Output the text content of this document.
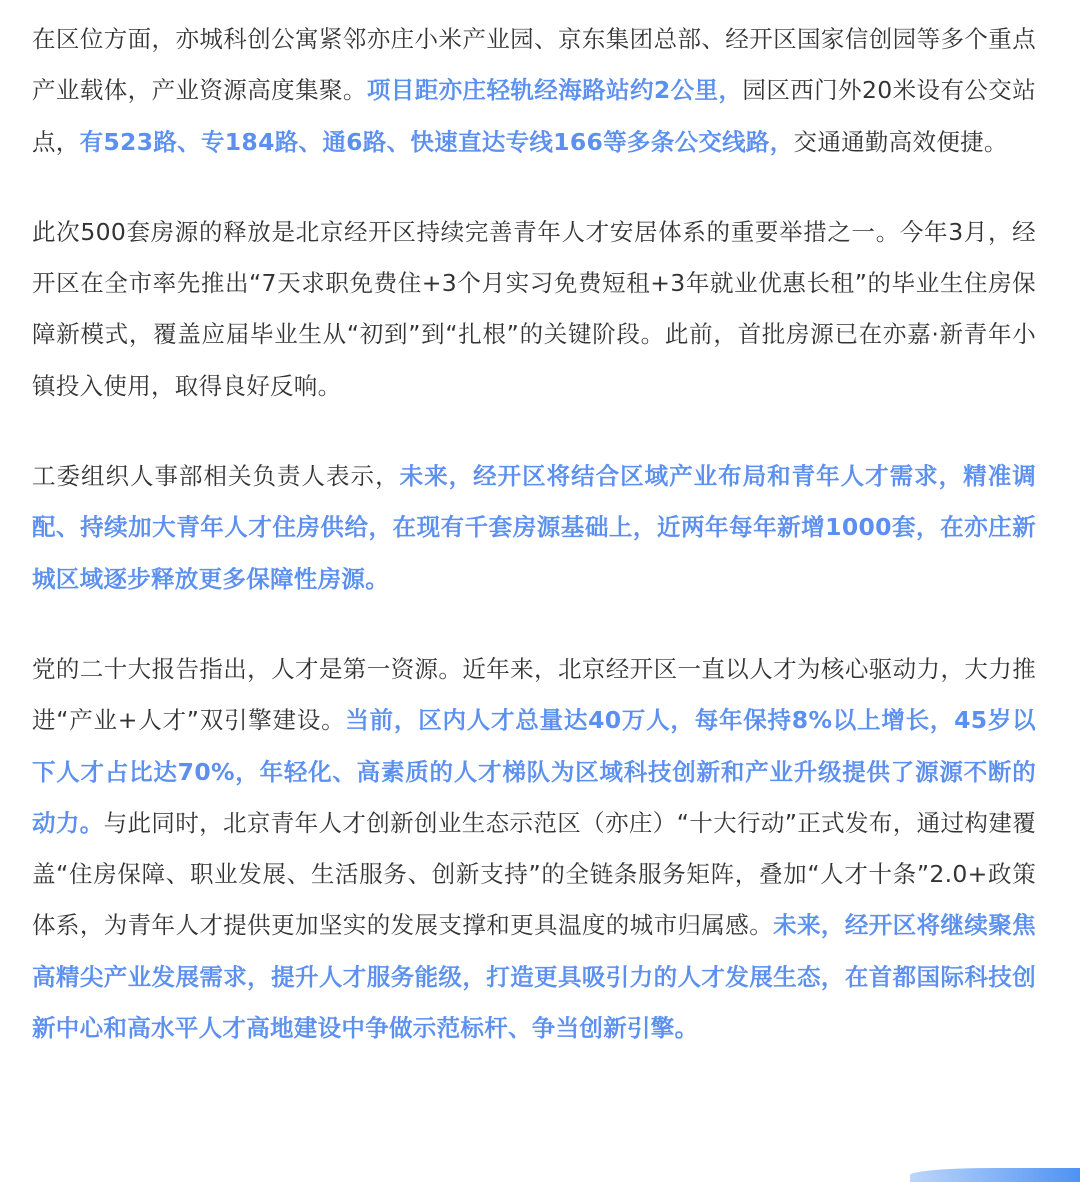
在区位方面，亦城科创公寓紧邻亦庄小米产业园、京东集团总部、经开区国家信创园等多个重点产业载体，产业资源高度集聚。项目距亦庄轻轨经海路站约2公里，园区西门外20米设有公交站点，有523路、专184路、通6路、快速直达专线166等多条公交线路，交通通勤高效便捷。

此次500套房源的释放是北京经开区持续完善青年人才安居体系的重要举措之一。今年3月，经开区在全市率先推出“7天求职免费住+3个月实习免费短租+3年就业优惠长租”的毕业生住房保障新模式，覆盖应届毕业生从“初到”到“扎根”的关键阶段。此前，首批房源已在亦嘉·新青年小镇投入使用，取得良好反响。

工委组织人事部相关负责人表示，未来，经开区将结合区域产业布局和青年人才需求，精准调配、持续加大青年人才住房供给，在现有千套房源基础上，近两年每年新增1000套，在亦庄新城区域逐步释放更多保障性房源。

党的二十大报告指出，人才是第一资源。近年来，北京经开区一直以人才为核心驱动力，大力推进“产业+人才”双引擎建设。当前，区内人才总量达40万人，每年保持8%以上增长，45岁以下人才占比达70%，年轻化、高素质的人才梯队为区域科技创新和产业升级提供了源源不断的动力。与此同时，北京青年人才创新创业生态示范区（亦庄）“十大行动”正式发布，通过构建覆盖“住房保障、职业发展、生活服务、创新支持”的全链条服务矩阵，叠加“人才十条”2.0+政策体系，为青年人才提供更加坚实的发展支撑和更具温度的城市归属感。未来，经开区将继续聚焦高精尖产业发展需求，提升人才服务能级，打造更具吸引力的人才发展生态，在首都国际科技创新中心和高水平人才高地建设中争做示范标杆、争当创新引擎。
